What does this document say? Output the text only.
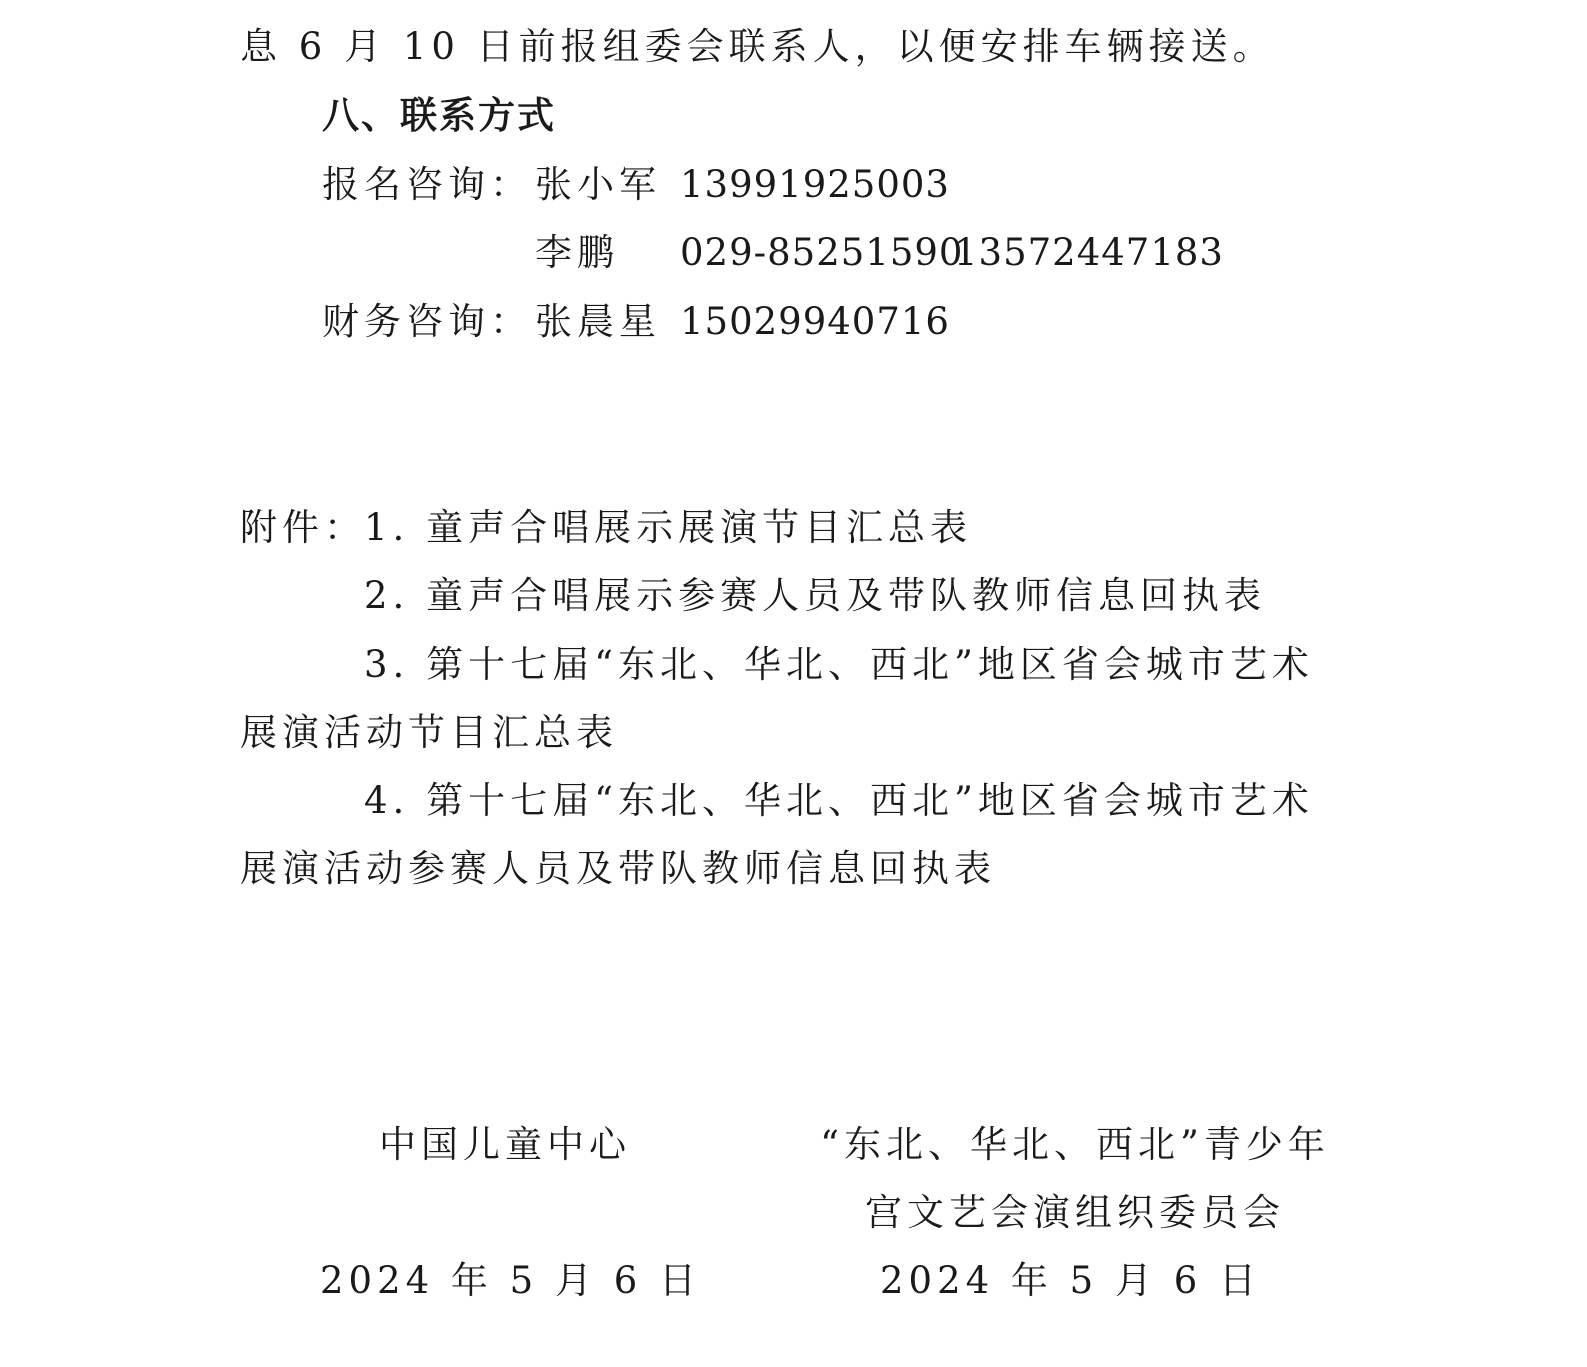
息 6 月 10 日前报组委会联系人，以便安排车辆接送。
八、联系方式
报名咨询： 张小军 13991925003
李鹏 029-85251590
13572447183
财务咨询： 张晨星 15029940716
附件：
1. 童声合唱展示展演节目汇总表
2. 童声合唱展示参赛人员及带队教师信息回执表
3. 第十七届“东北、华北、西北”地区省会城市艺术
展演活动节目汇总表
4. 第十七届“东北、华北、西北”地区省会城市艺术
展演活动参赛人员及带队教师信息回执表
中国儿童中心	“东北、华北、西北”青少年
宫文艺会演组织委员会
2024 年 5 月 6 日	2024 年 5 月 6 日
